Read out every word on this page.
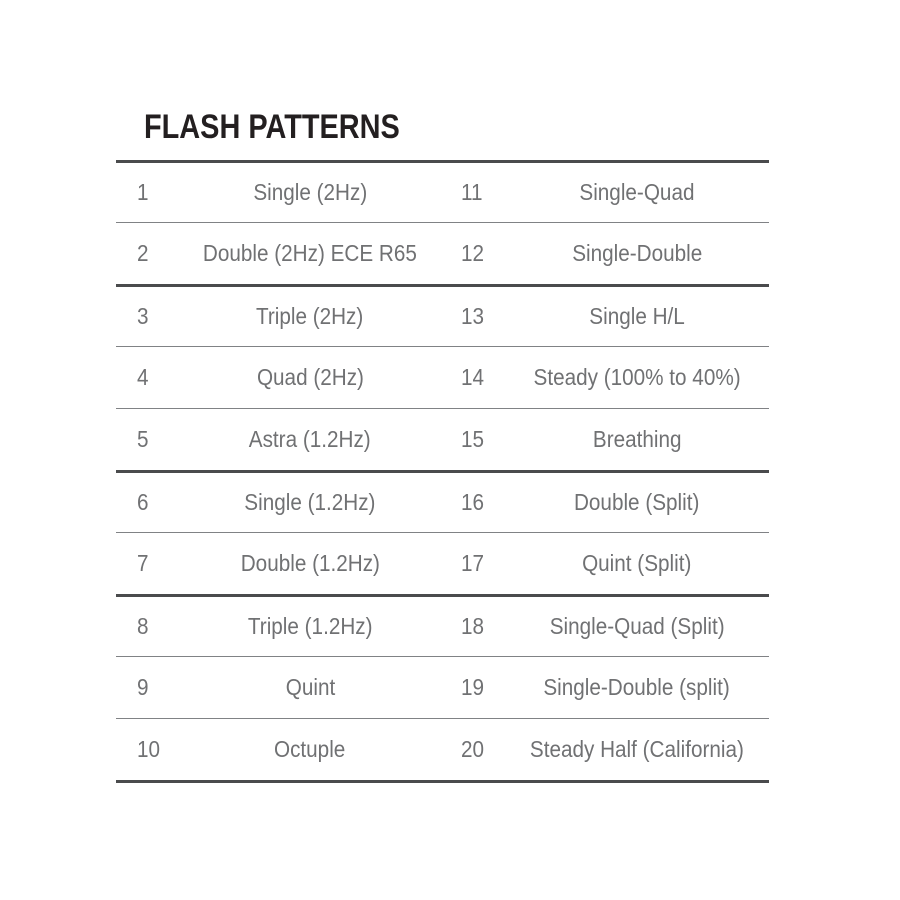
FLASH PATTERNS
1	Single (2Hz)	11	Single-Quad
2	Double (2Hz) ECE R65	12	Single-Double
3	Triple (2Hz)	13	Single H/L
4	Quad (2Hz)	14	Steady (100% to 40%)
5	Astra (1.2Hz)	15	Breathing
6	Single (1.2Hz)	16	Double (Split)
7	Double (1.2Hz)	17	Quint (Split)
8	Triple (1.2Hz)	18	Single-Quad (Split)
9	Quint	19	Single-Double (split)
10	Octuple	20	Steady Half (California)
